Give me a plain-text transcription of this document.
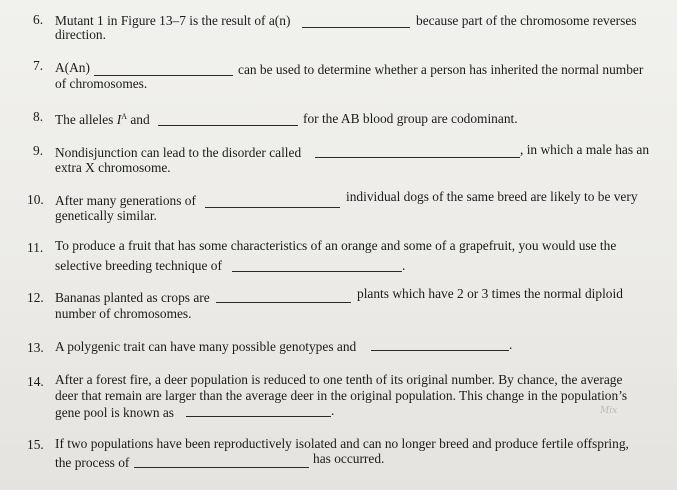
6. Mutant 1 in Figure 13–7 is the result of a(n)	because part of the chromosome reverses
direction.
7. A(An)	can be used to determine whether a person has inherited the normal number
of chromosomes.
8. The alleles $I^A$ and	for the AB blood group are codominant.
9. Nondisjunction can lead to the disorder called	, in which a male has an
extra X chromosome.
10. After many generations of	individual dogs of the same breed are likely to be very
genetically similar.
11. To produce a fruit that has some characteristics of an orange and some of a grapefruit, you would use the
selective breeding technique of	.
12. Bananas planted as crops are	plants which have 2 or 3 times the normal diploid
number of chromosomes.
13. A polygenic trait can have many possible genotypes and	.
14. After a forest fire, a deer population is reduced to one tenth of its original number. By chance, the average
deer that remain are larger than the average deer in the original population. This change in the population’s
gene pool is known as	.	𝑀𝑖𝑥
15. If two populations have been reproductively isolated and can no longer breed and produce fertile offspring,
the process of	has occurred.
